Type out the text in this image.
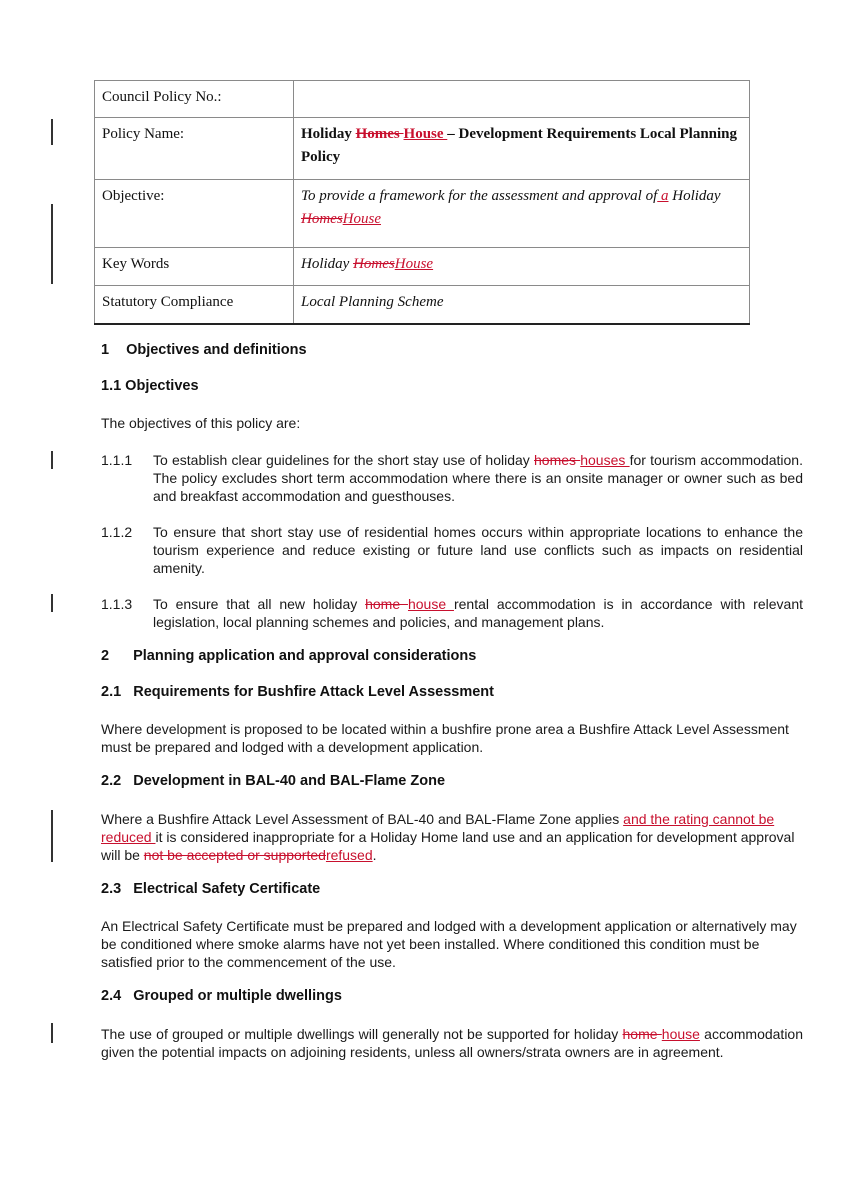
Council Policy No.:	
Policy Name:	Holiday Homes House – Development Requirements Local Planning Policy
Objective:	To provide a framework for the assessment and approval of a Holiday HomesHouse
Key Words	Holiday HomesHouse
Statutory Compliance	Local Planning Scheme
1 Objectives and definitions
1.1 Objectives
The objectives of this policy are:
1.1.1 To establish clear guidelines for the short stay use of holiday homes houses for tourism accommodation. The policy excludes short term accommodation where there is an onsite manager or owner such as bed and breakfast accommodation and guesthouses.
1.1.2 To ensure that short stay use of residential homes occurs within appropriate locations to enhance the tourism experience and reduce existing or future land use conflicts such as impacts on residential amenity.
1.1.3 To ensure that all new holiday home house rental accommodation is in accordance with relevant legislation, local planning schemes and policies, and management plans.
2 Planning application and approval considerations
2.1   Requirements for Bushfire Attack Level Assessment
Where development is proposed to be located within a bushfire prone area a Bushfire Attack Level Assessment must be prepared and lodged with a development application.
2.2   Development in BAL-40 and BAL-Flame Zone
Where a Bushfire Attack Level Assessment of BAL-40 and BAL-Flame Zone applies and the rating cannot be reduced it is considered inappropriate for a Holiday Home land use and an application for development approval will be not be accepted or supportedrefused.
2.3   Electrical Safety Certificate
An Electrical Safety Certificate must be prepared and lodged with a development application or alternatively may be conditioned where smoke alarms have not yet been installed. Where conditioned this condition must be satisfied prior to the commencement of the use.
2.4   Grouped or multiple dwellings
The use of grouped or multiple dwellings will generally not be supported for holiday home house accommodation given the potential impacts on adjoining residents, unless all owners/strata owners are in agreement.
